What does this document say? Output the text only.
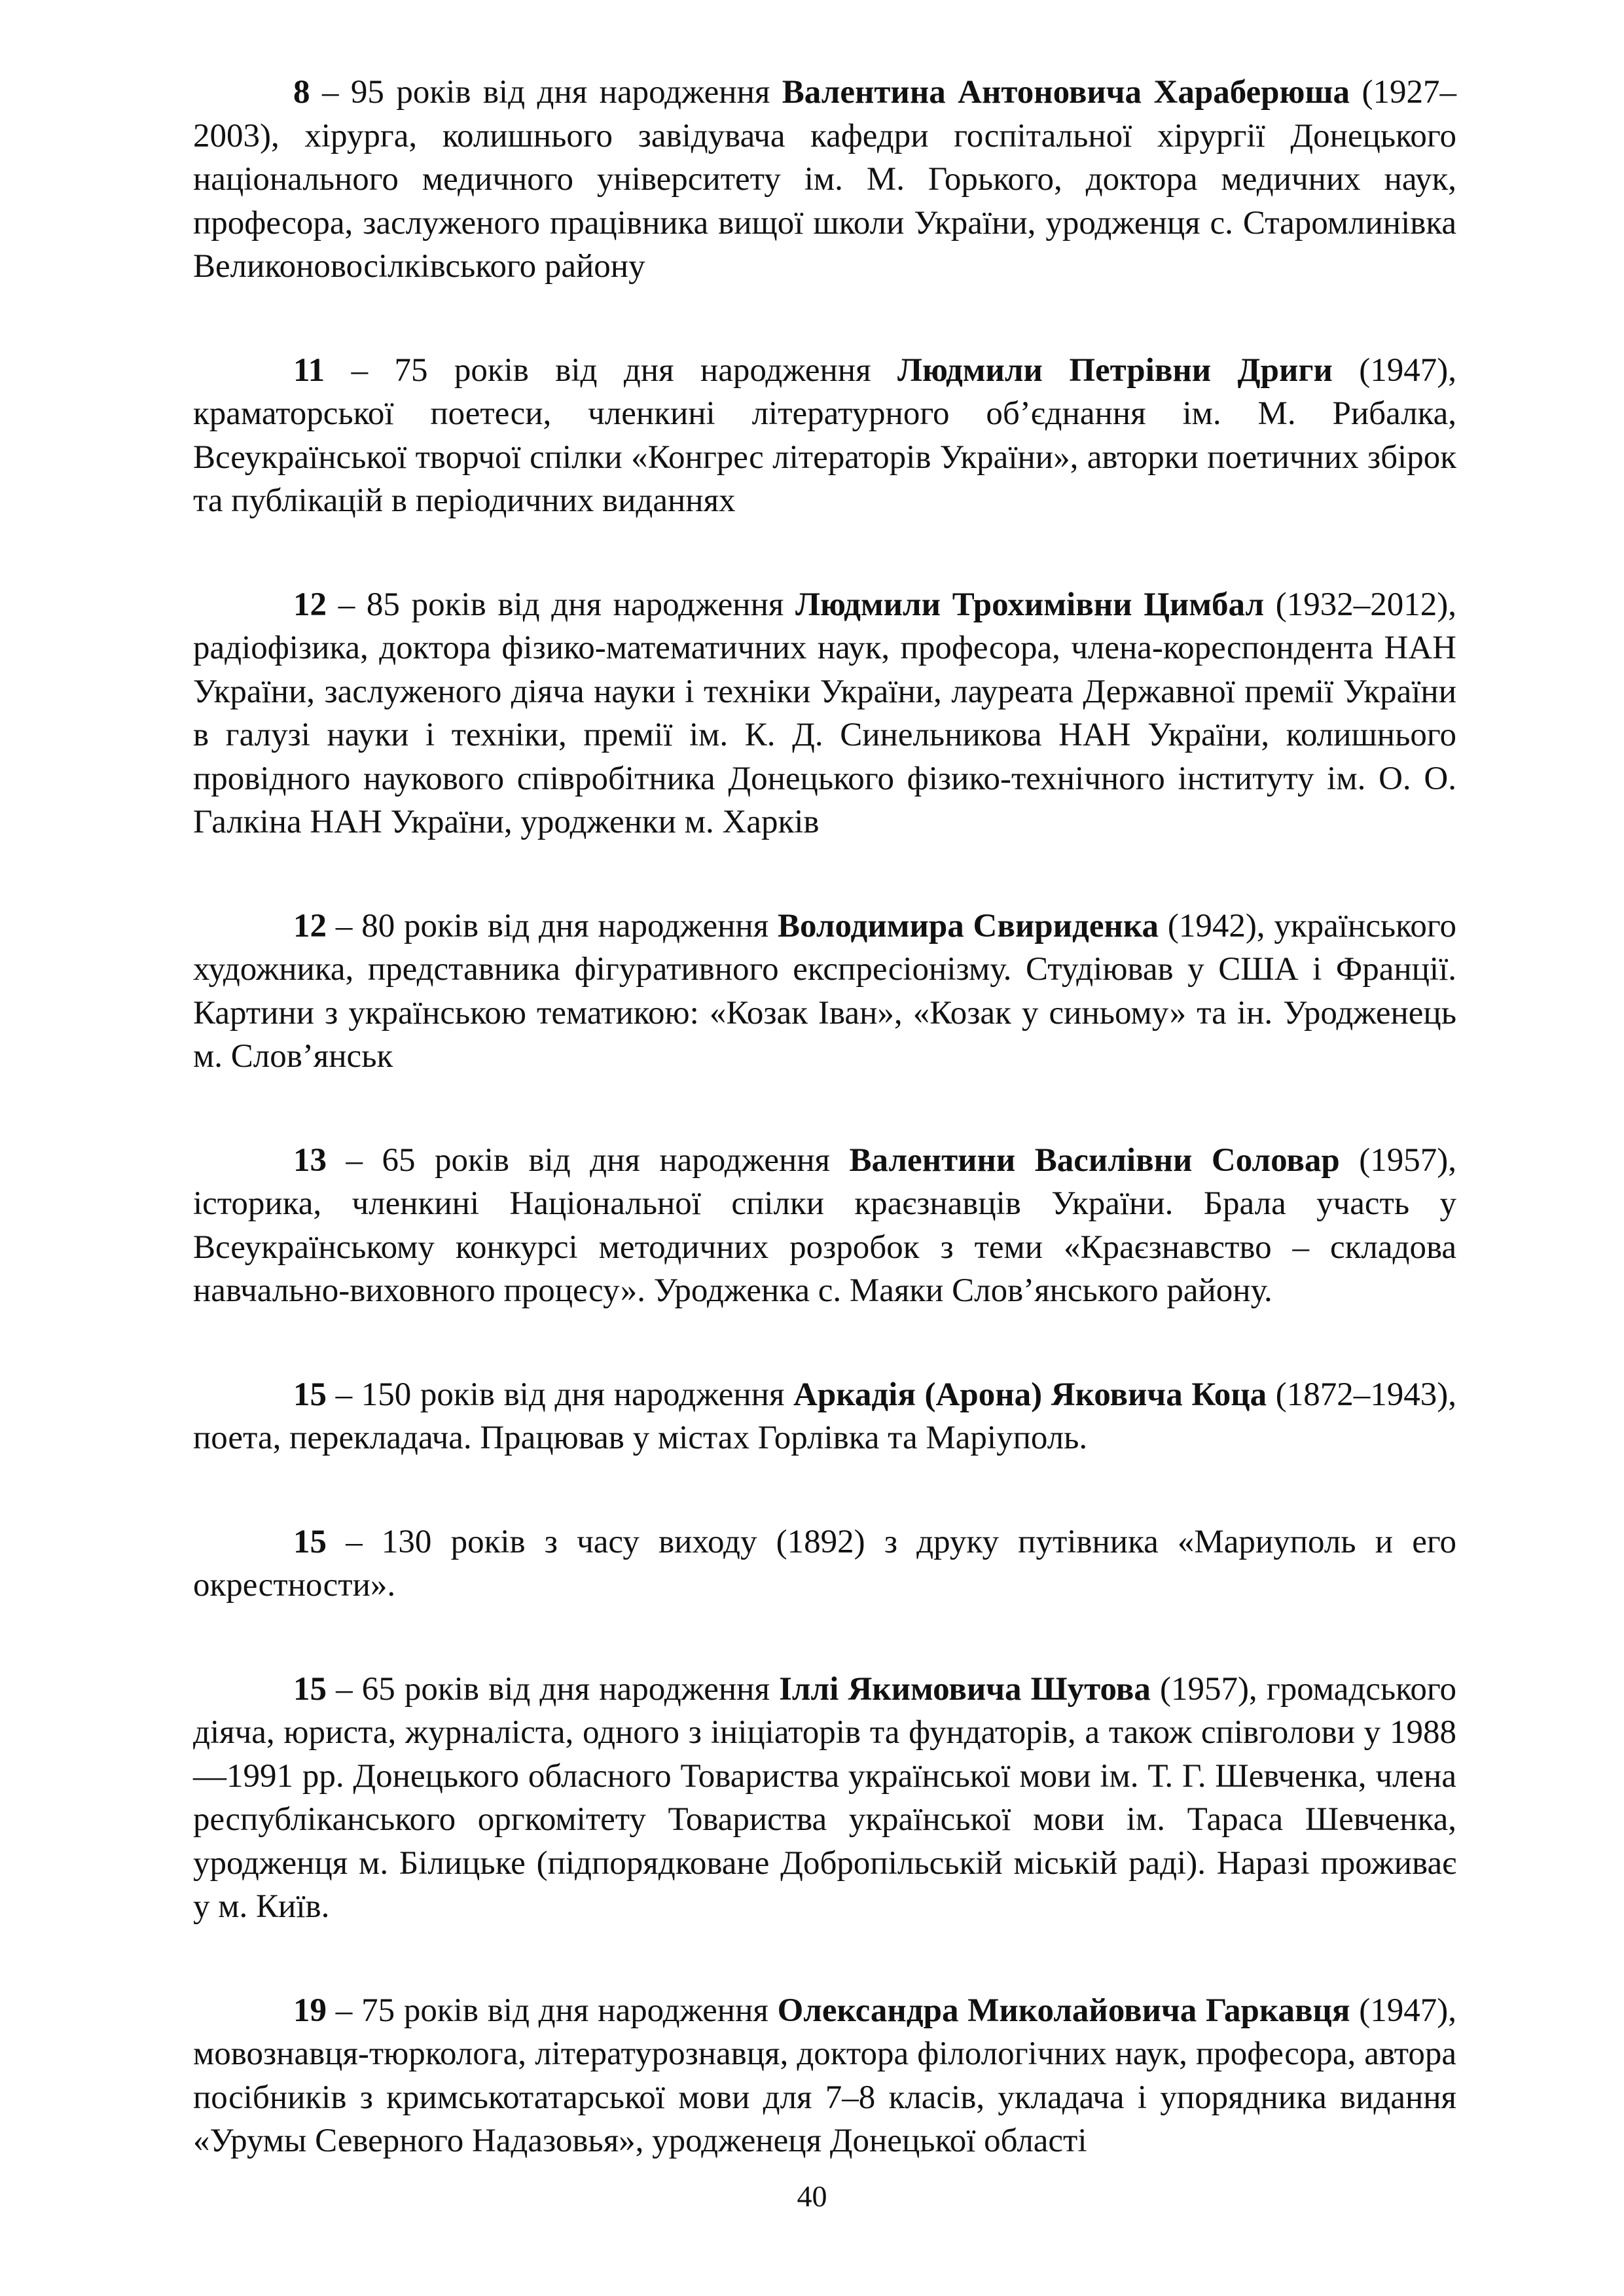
8 – 95 років від дня народження Валентина Антоновича Хараберюша (1927–2003), хірурга, колишнього завідувача кафедри госпітальної хірургії Донецького національного медичного університету ім. М. Горького, доктора медичних наук, професора, заслуженого працівника вищої школи України, уродженця с. Старомлинівка Великоновосілківського району

11 – 75 років від дня народження Людмили Петрівни Дриги (1947), краматорської поетеси, членкині літературного об’єднання ім. М. Рибалка, Всеукраїнської творчої спілки «Конгрес літераторів України», авторки поетичних збірок та публікацій в періодичних виданнях

12 – 85 років від дня народження Людмили Трохимівни Цимбал (1932–2012), радіофізика, доктора фізико-математичних наук, професора, члена-кореспондента НАН України, заслуженого діяча науки і техніки України, лауреата Державної премії України в галузі науки і техніки, премії ім. К. Д. Синельникова НАН України, колишнього провідного наукового співробітника Донецького фізико-технічного інституту ім. О. О. Галкіна НАН України, уродженки м. Харків

12 – 80 років від дня народження Володимира Свириденка (1942), українського художника, представника фігуративного експресіонізму. Студіював у США і Франції. Картини з українською тематикою: «Козак Іван», «Козак у синьому» та ін. Уродженець м. Слов’янськ

13 – 65 років від дня народження Валентини Василівни Соловар (1957), історика, членкині Національної спілки краєзнавців України. Брала участь у Всеукраїнському конкурсі методичних розробок з теми «Краєзнавство – складова навчально-виховного процесу». Уродженка с. Маяки Слов’янського району.

15 – 150 років від дня народження Аркадія (Арона) Яковича Коца (1872–1943), поета, перекладача. Працював у містах Горлівка та Маріуполь.

15 – 130 років з часу виходу (1892) з друку путівника «Мариуполь и его окрестности».

15 – 65 років від дня народження Іллі Якимовича Шутова (1957), громадського діяча, юриста, журналіста, одного з ініціаторів та фундаторів, а також співголови у 1988—1991 рр. Донецького обласного Товариства української мови ім. Т. Г. Шевченка, члена республіканського оргкомітету Товариства української мови ім. Тараса Шевченка, уродженця м. Білицьке (підпорядковане Добропільській міській раді). Наразі проживає у м. Київ.

19 – 75 років від дня народження Олександра Миколайовича Гаркавця (1947), мовознавця-тюрколога, літературознавця, доктора філологічних наук, професора, автора посібників з кримськотатарської мови для 7–8 класів, укладача і упорядника видання «Урумы Северного Надазовья», уродженеця Донецької області

40
